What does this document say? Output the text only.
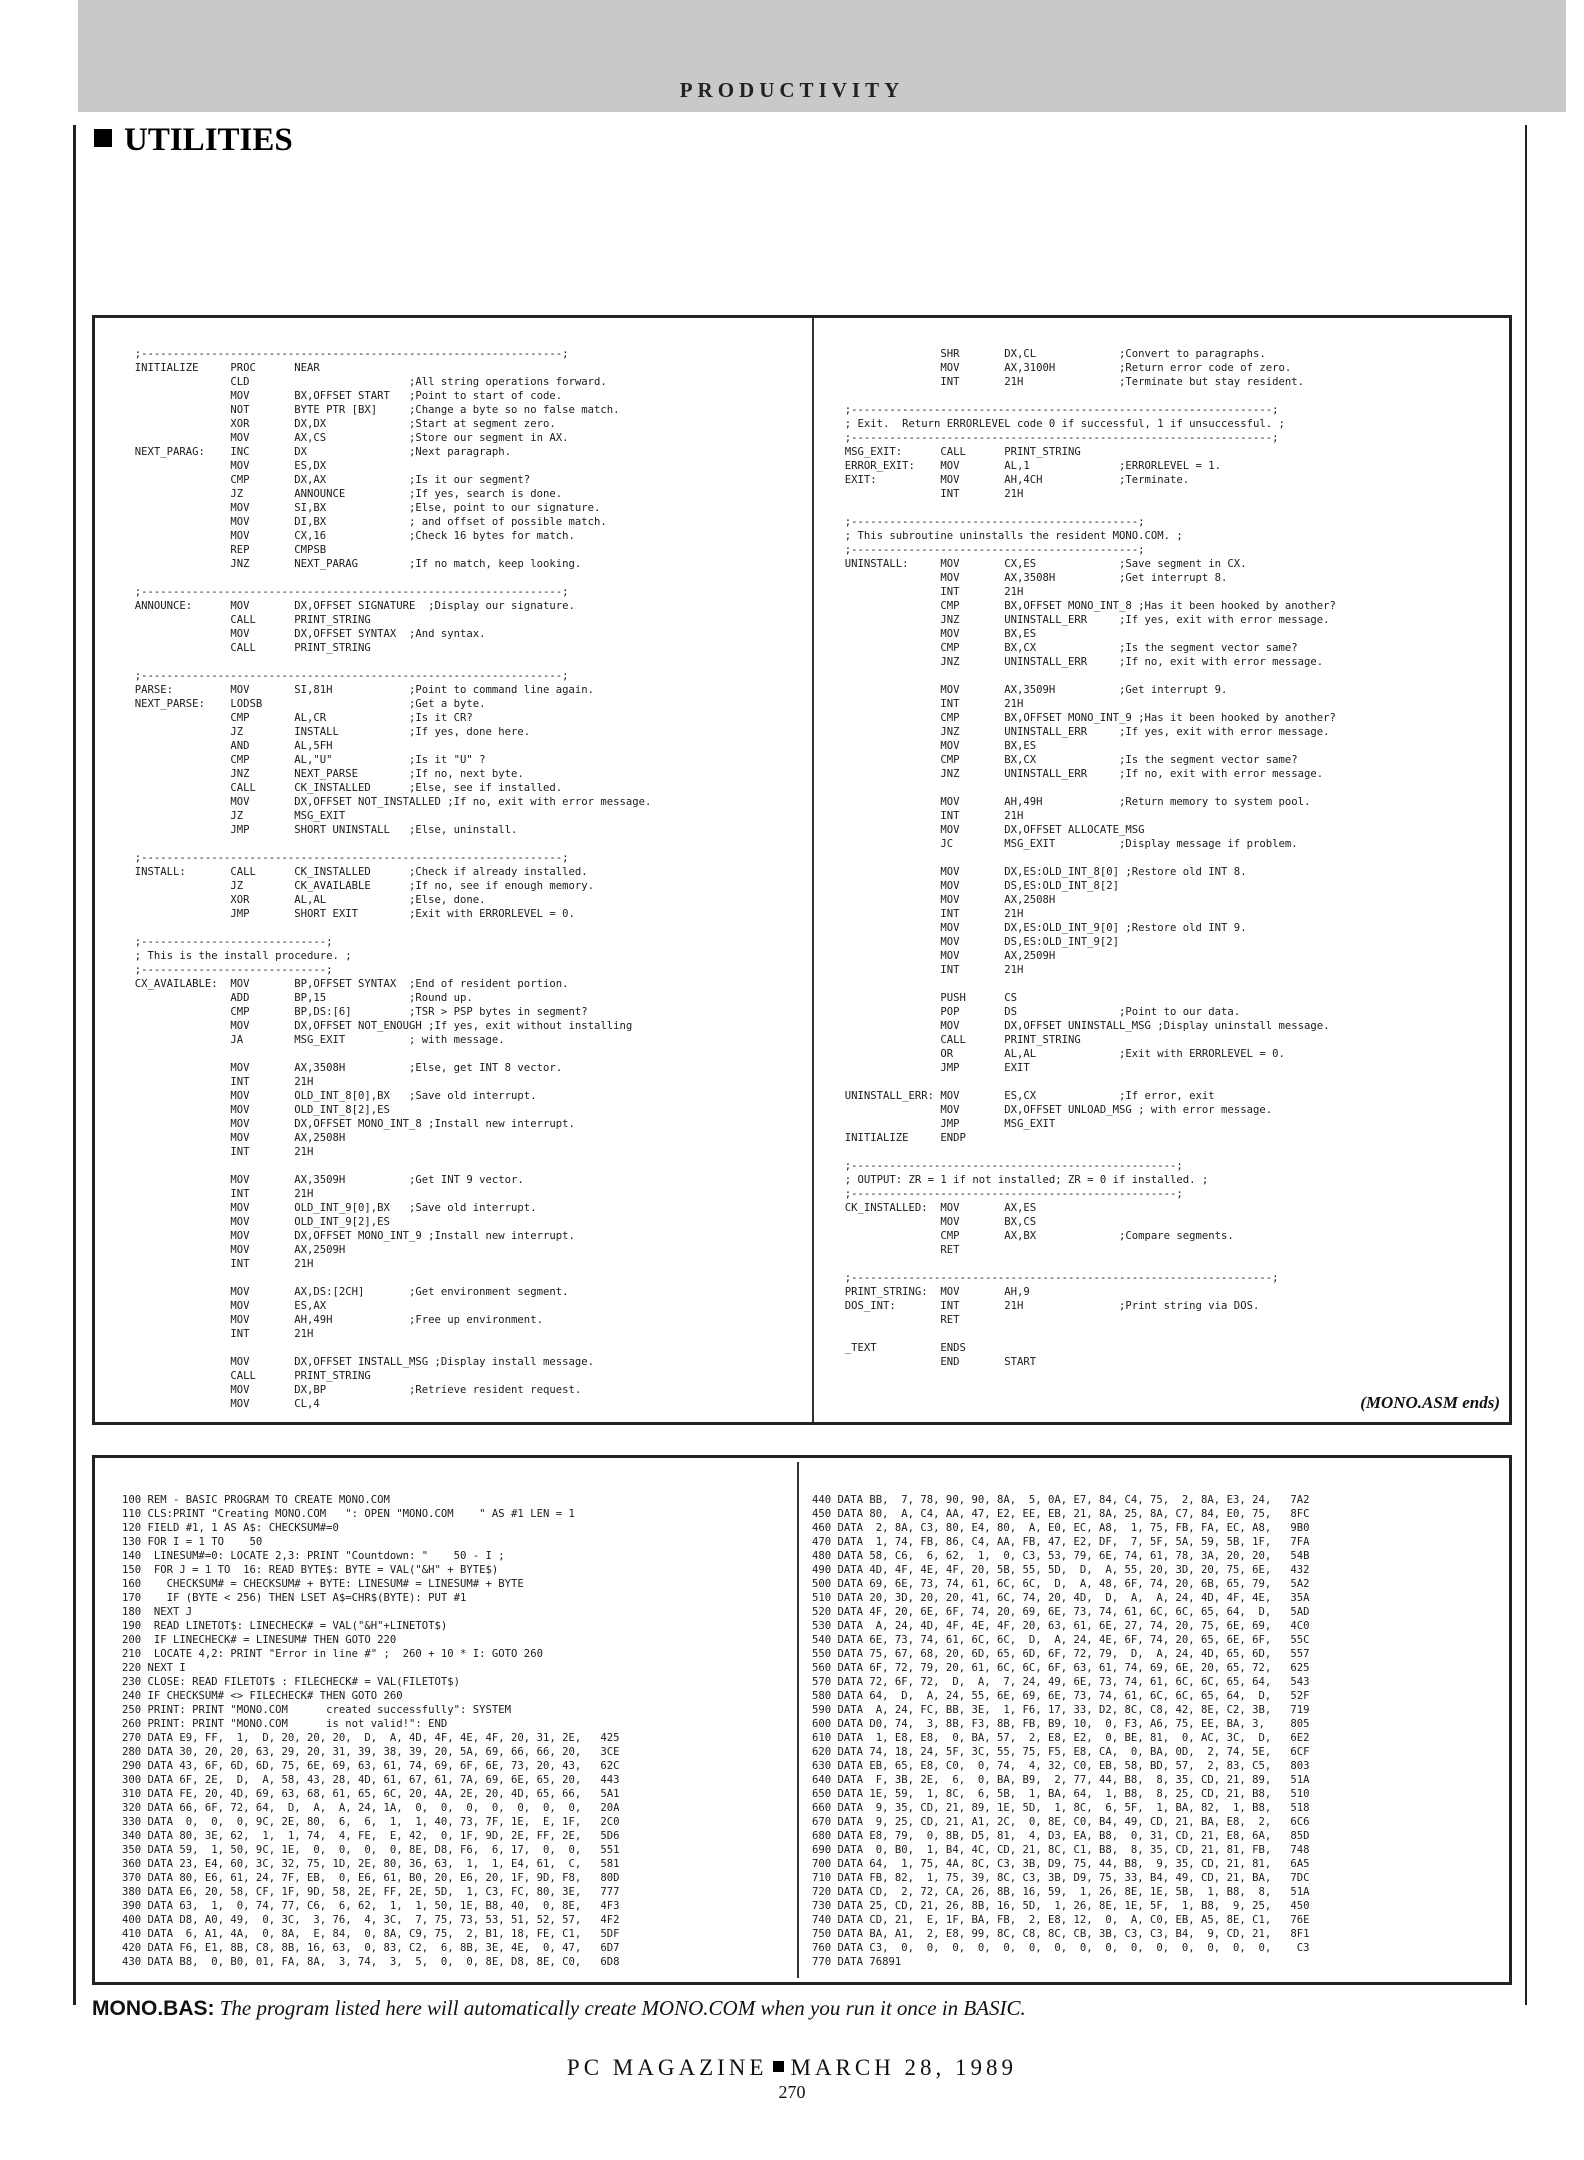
PRODUCTIVITY
UTILITIES
;------------------------------------------------------------------;
INITIALIZE     PROC      NEAR
CLD                         ;All string operations forward.
MOV       BX,OFFSET START   ;Point to start of code.
NOT       BYTE PTR [BX]     ;Change a byte so no false match.
XOR       DX,DX             ;Start at segment zero.
MOV       AX,CS             ;Store our segment in AX.
NEXT_PARAG:    INC       DX                ;Next paragraph.
MOV       ES,DX
CMP       DX,AX             ;Is it our segment?
JZ        ANNOUNCE          ;If yes, search is done.
MOV       SI,BX             ;Else, point to our signature.
MOV       DI,BX             ; and offset of possible match.
MOV       CX,16             ;Check 16 bytes for match.
REP       CMPSB
JNZ       NEXT_PARAG        ;If no match, keep looking.

;------------------------------------------------------------------;
ANNOUNCE:      MOV       DX,OFFSET SIGNATURE  ;Display our signature.
CALL      PRINT_STRING
MOV       DX,OFFSET SYNTAX  ;And syntax.
CALL      PRINT_STRING

;------------------------------------------------------------------;
PARSE:         MOV       SI,81H            ;Point to command line again.
NEXT_PARSE:    LODSB                       ;Get a byte.
CMP       AL,CR             ;Is it CR?
JZ        INSTALL           ;If yes, done here.
AND       AL,5FH
CMP       AL,"U"            ;Is it "U" ?
JNZ       NEXT_PARSE        ;If no, next byte.
CALL      CK_INSTALLED      ;Else, see if installed.
MOV       DX,OFFSET NOT_INSTALLED ;If no, exit with error message.
JZ        MSG_EXIT
JMP       SHORT UNINSTALL   ;Else, uninstall.

;------------------------------------------------------------------;
INSTALL:       CALL      CK_INSTALLED      ;Check if already installed.
JZ        CK_AVAILABLE      ;If no, see if enough memory.
XOR       AL,AL             ;Else, done.
JMP       SHORT EXIT        ;Exit with ERRORLEVEL = 0.

;-----------------------------;
; This is the install procedure. ;
;-----------------------------;
CX_AVAILABLE:  MOV       BP,OFFSET SYNTAX  ;End of resident portion.
ADD       BP,15             ;Round up.
CMP       BP,DS:[6]         ;TSR > PSP bytes in segment?
MOV       DX,OFFSET NOT_ENOUGH ;If yes, exit without installing
JA        MSG_EXIT          ; with message.

MOV       AX,3508H          ;Else, get INT 8 vector.
INT       21H
MOV       OLD_INT_8[0],BX   ;Save old interrupt.
MOV       OLD_INT_8[2],ES
MOV       DX,OFFSET MONO_INT_8 ;Install new interrupt.
MOV       AX,2508H
INT       21H

MOV       AX,3509H          ;Get INT 9 vector.
INT       21H
MOV       OLD_INT_9[0],BX   ;Save old interrupt.
MOV       OLD_INT_9[2],ES
MOV       DX,OFFSET MONO_INT_9 ;Install new interrupt.
MOV       AX,2509H
INT       21H

MOV       AX,DS:[2CH]       ;Get environment segment.
MOV       ES,AX
MOV       AH,49H            ;Free up environment.
INT       21H

MOV       DX,OFFSET INSTALL_MSG ;Display install message.
CALL      PRINT_STRING
MOV       DX,BP             ;Retrieve resident request.
MOV       CL,4
SHR       DX,CL             ;Convert to paragraphs.
MOV       AX,3100H          ;Return error code of zero.
INT       21H               ;Terminate but stay resident.

;------------------------------------------------------------------;
; Exit.  Return ERRORLEVEL code 0 if successful, 1 if unsuccessful. ;
;------------------------------------------------------------------;
MSG_EXIT:      CALL      PRINT_STRING
ERROR_EXIT:    MOV       AL,1              ;ERRORLEVEL = 1.
EXIT:          MOV       AH,4CH            ;Terminate.
INT       21H

;---------------------------------------------;
; This subroutine uninstalls the resident MONO.COM. ;
;---------------------------------------------;
UNINSTALL:     MOV       CX,ES             ;Save segment in CX.
MOV       AX,3508H          ;Get interrupt 8.
INT       21H
CMP       BX,OFFSET MONO_INT_8 ;Has it been hooked by another?
JNZ       UNINSTALL_ERR     ;If yes, exit with error message.
MOV       BX,ES
CMP       BX,CX             ;Is the segment vector same?
JNZ       UNINSTALL_ERR     ;If no, exit with error message.

MOV       AX,3509H          ;Get interrupt 9.
INT       21H
CMP       BX,OFFSET MONO_INT_9 ;Has it been hooked by another?
JNZ       UNINSTALL_ERR     ;If yes, exit with error message.
MOV       BX,ES
CMP       BX,CX             ;Is the segment vector same?
JNZ       UNINSTALL_ERR     ;If no, exit with error message.

MOV       AH,49H            ;Return memory to system pool.
INT       21H
MOV       DX,OFFSET ALLOCATE_MSG
JC        MSG_EXIT          ;Display message if problem.

MOV       DX,ES:OLD_INT_8[0] ;Restore old INT 8.
MOV       DS,ES:OLD_INT_8[2]
MOV       AX,2508H
INT       21H
MOV       DX,ES:OLD_INT_9[0] ;Restore old INT 9.
MOV       DS,ES:OLD_INT_9[2]
MOV       AX,2509H
INT       21H

PUSH      CS
POP       DS                ;Point to our data.
MOV       DX,OFFSET UNINSTALL_MSG ;Display uninstall message.
CALL      PRINT_STRING
OR        AL,AL             ;Exit with ERRORLEVEL = 0.
JMP       EXIT

UNINSTALL_ERR: MOV       ES,CX             ;If error, exit
MOV       DX,OFFSET UNLOAD_MSG ; with error message.
JMP       MSG_EXIT
INITIALIZE     ENDP

;---------------------------------------------------;
; OUTPUT: ZR = 1 if not installed; ZR = 0 if installed. ;
;---------------------------------------------------;
CK_INSTALLED:  MOV       AX,ES
MOV       BX,CS
CMP       AX,BX             ;Compare segments.
RET

;------------------------------------------------------------------;
PRINT_STRING:  MOV       AH,9
DOS_INT:       INT       21H               ;Print string via DOS.
RET

_TEXT          ENDS
END       START
(MONO.ASM ends)
100 REM - BASIC PROGRAM TO CREATE MONO.COM
110 CLS:PRINT "Creating MONO.COM   ": OPEN "MONO.COM    " AS #1 LEN = 1
120 FIELD #1, 1 AS A$: CHECKSUM#=0
130 FOR I = 1 TO    50
140  LINESUM#=0: LOCATE 2,3: PRINT "Countdown: "    50 - I ;
150  FOR J = 1 TO  16: READ BYTE$: BYTE = VAL("&H" + BYTE$)
160    CHECKSUM# = CHECKSUM# + BYTE: LINESUM# = LINESUM# + BYTE
170    IF (BYTE < 256) THEN LSET A$=CHR$(BYTE): PUT #1
180  NEXT J
190  READ LINETOT$: LINECHECK# = VAL("&H"+LINETOT$)
200  IF LINECHECK# = LINESUM# THEN GOTO 220
210  LOCATE 4,2: PRINT "Error in line #" ;  260 + 10 * I: GOTO 260
220 NEXT I
230 CLOSE: READ FILETOT$ : FILECHECK# = VAL(FILETOT$)
240 IF CHECKSUM# <> FILECHECK# THEN GOTO 260
250 PRINT: PRINT "MONO.COM      created successfully": SYSTEM
260 PRINT: PRINT "MONO.COM      is not valid!": END
270 DATA E9, FF,  1,  D, 20, 20, 20,  D,  A, 4D, 4F, 4E, 4F, 20, 31, 2E,   425
280 DATA 30, 20, 20, 63, 29, 20, 31, 39, 38, 39, 20, 5A, 69, 66, 66, 20,   3CE
290 DATA 43, 6F, 6D, 6D, 75, 6E, 69, 63, 61, 74, 69, 6F, 6E, 73, 20, 43,   62C
300 DATA 6F, 2E,  D,  A, 58, 43, 28, 4D, 61, 67, 61, 7A, 69, 6E, 65, 20,   443
310 DATA FE, 20, 4D, 69, 63, 68, 61, 65, 6C, 20, 4A, 2E, 20, 4D, 65, 66,   5A1
320 DATA 66, 6F, 72, 64,  D,  A,  A, 24, 1A,  0,  0,  0,  0,  0,  0,  0,   20A
330 DATA  0,  0,  0, 9C, 2E, 80,  6,  6,  1,  1, 40, 73, 7F, 1E,  E, 1F,   2C0
340 DATA 80, 3E, 62,  1,  1, 74,  4, FE,  E, 42,  0, 1F, 9D, 2E, FF, 2E,   5D6
350 DATA 59,  1, 50, 9C, 1E,  0,  0,  0,  0, 8E, D8, F6,  6, 17,  0,  0,   551
360 DATA 23, E4, 60, 3C, 32, 75, 1D, 2E, 80, 36, 63,  1,  1, E4, 61,  C,   581
370 DATA 80, E6, 61, 24, 7F, EB,  0, E6, 61, B0, 20, E6, 20, 1F, 9D, F8,   80D
380 DATA E6, 20, 58, CF, 1F, 9D, 58, 2E, FF, 2E, 5D,  1, C3, FC, 80, 3E,   777
390 DATA 63,  1,  0, 74, 77, C6,  6, 62,  1,  1, 50, 1E, B8, 40,  0, 8E,   4F3
400 DATA D8, A0, 49,  0, 3C,  3, 76,  4, 3C,  7, 75, 73, 53, 51, 52, 57,   4F2
410 DATA  6, A1, 4A,  0, 8A,  E, 84,  0, 8A, C9, 75,  2, B1, 18, FE, C1,   5DF
420 DATA F6, E1, 8B, C8, 8B, 16, 63,  0, 83, C2,  6, 8B, 3E, 4E,  0, 47,   6D7
430 DATA B8,  0, B0, 01, FA, 8A,  3, 74,  3,  5,  0,  0, 8E, D8, 8E, C0,   6D8
440 DATA BB,  7, 78, 90, 90, 8A,  5, 0A, E7, 84, C4, 75,  2, 8A, E3, 24,   7A2
450 DATA 80,  A, C4, AA, 47, E2, EE, EB, 21, 8A, 25, 8A, C7, 84, E0, 75,   8FC
460 DATA  2, 8A, C3, 80, E4, 80,  A, E0, EC, A8,  1, 75, FB, FA, EC, A8,   9B0
470 DATA  1, 74, FB, 86, C4, AA, FB, 47, E2, DF,  7, 5F, 5A, 59, 5B, 1F,   7FA
480 DATA 58, C6,  6, 62,  1,  0, C3, 53, 79, 6E, 74, 61, 78, 3A, 20, 20,   54B
490 DATA 4D, 4F, 4E, 4F, 20, 5B, 55, 5D,  D,  A, 55, 20, 3D, 20, 75, 6E,   432
500 DATA 69, 6E, 73, 74, 61, 6C, 6C,  D,  A, 48, 6F, 74, 20, 6B, 65, 79,   5A2
510 DATA 20, 3D, 20, 20, 41, 6C, 74, 20, 4D,  D,  A,  A, 24, 4D, 4F, 4E,   35A
520 DATA 4F, 20, 6E, 6F, 74, 20, 69, 6E, 73, 74, 61, 6C, 6C, 65, 64,  D,   5AD
530 DATA  A, 24, 4D, 4F, 4E, 4F, 20, 63, 61, 6E, 27, 74, 20, 75, 6E, 69,   4C0
540 DATA 6E, 73, 74, 61, 6C, 6C,  D,  A, 24, 4E, 6F, 74, 20, 65, 6E, 6F,   55C
550 DATA 75, 67, 68, 20, 6D, 65, 6D, 6F, 72, 79,  D,  A, 24, 4D, 65, 6D,   557
560 DATA 6F, 72, 79, 20, 61, 6C, 6C, 6F, 63, 61, 74, 69, 6E, 20, 65, 72,   625
570 DATA 72, 6F, 72,  D,  A,  7, 24, 49, 6E, 73, 74, 61, 6C, 6C, 65, 64,   543
580 DATA 64,  D,  A, 24, 55, 6E, 69, 6E, 73, 74, 61, 6C, 6C, 65, 64,  D,   52F
590 DATA  A, 24, FC, BB, 3E,  1, F6, 17, 33, D2, 8C, C8, 42, 8E, C2, 3B,   719
600 DATA D0, 74,  3, 8B, F3, 8B, FB, B9, 10,  0, F3, A6, 75, EE, BA, 3,    805
610 DATA  1, E8, E8,  0, BA, 57,  2, E8, E2,  0, BE, 81,  0, AC, 3C,  D,   6E2
620 DATA 74, 18, 24, 5F, 3C, 55, 75, F5, E8, CA,  0, BA, 0D,  2, 74, 5E,   6CF
630 DATA EB, 65, E8, C0,  0, 74,  4, 32, C0, EB, 58, BD, 57,  2, 83, C5,   803
640 DATA  F, 3B, 2E,  6,  0, BA, B9,  2, 77, 44, B8,  8, 35, CD, 21, 89,   51A
650 DATA 1E, 59,  1, 8C,  6, 5B,  1, BA, 64,  1, B8,  8, 25, CD, 21, B8,   510
660 DATA  9, 35, CD, 21, 89, 1E, 5D,  1, 8C,  6, 5F,  1, BA, 82,  1, B8,   518
670 DATA  9, 25, CD, 21, A1, 2C,  0, 8E, C0, B4, 49, CD, 21, BA, E8,  2,   6C6
680 DATA E8, 79,  0, 8B, D5, 81,  4, D3, EA, B8,  0, 31, CD, 21, E8, 6A,   85D
690 DATA  0, B0,  1, B4, 4C, CD, 21, 8C, C1, B8,  8, 35, CD, 21, 81, FB,   748
700 DATA 64,  1, 75, 4A, 8C, C3, 3B, D9, 75, 44, B8,  9, 35, CD, 21, 81,   6A5
710 DATA FB, 82,  1, 75, 39, 8C, C3, 3B, D9, 75, 33, B4, 49, CD, 21, BA,   7DC
720 DATA CD,  2, 72, CA, 26, 8B, 16, 59,  1, 26, 8E, 1E, 5B,  1, B8,  8,   51A
730 DATA 25, CD, 21, 26, 8B, 16, 5D,  1, 26, 8E, 1E, 5F,  1, B8,  9, 25,   450
740 DATA CD, 21,  E, 1F, BA, FB,  2, E8, 12,  0,  A, C0, EB, A5, 8E, C1,   76E
750 DATA BA, A1,  2, E8, 99, 8C, C8, 8C, CB, 3B, C3, C3, B4,  9, CD, 21,   8F1
760 DATA C3,  0,  0,  0,  0,  0,  0,  0,  0,  0,  0,  0,  0,  0,  0,  0,    C3
770 DATA 76891
MONO.BAS: The program listed here will automatically create MONO.COM when you run it once in BASIC.
PC MAGAZINE MARCH 28, 1989
270
